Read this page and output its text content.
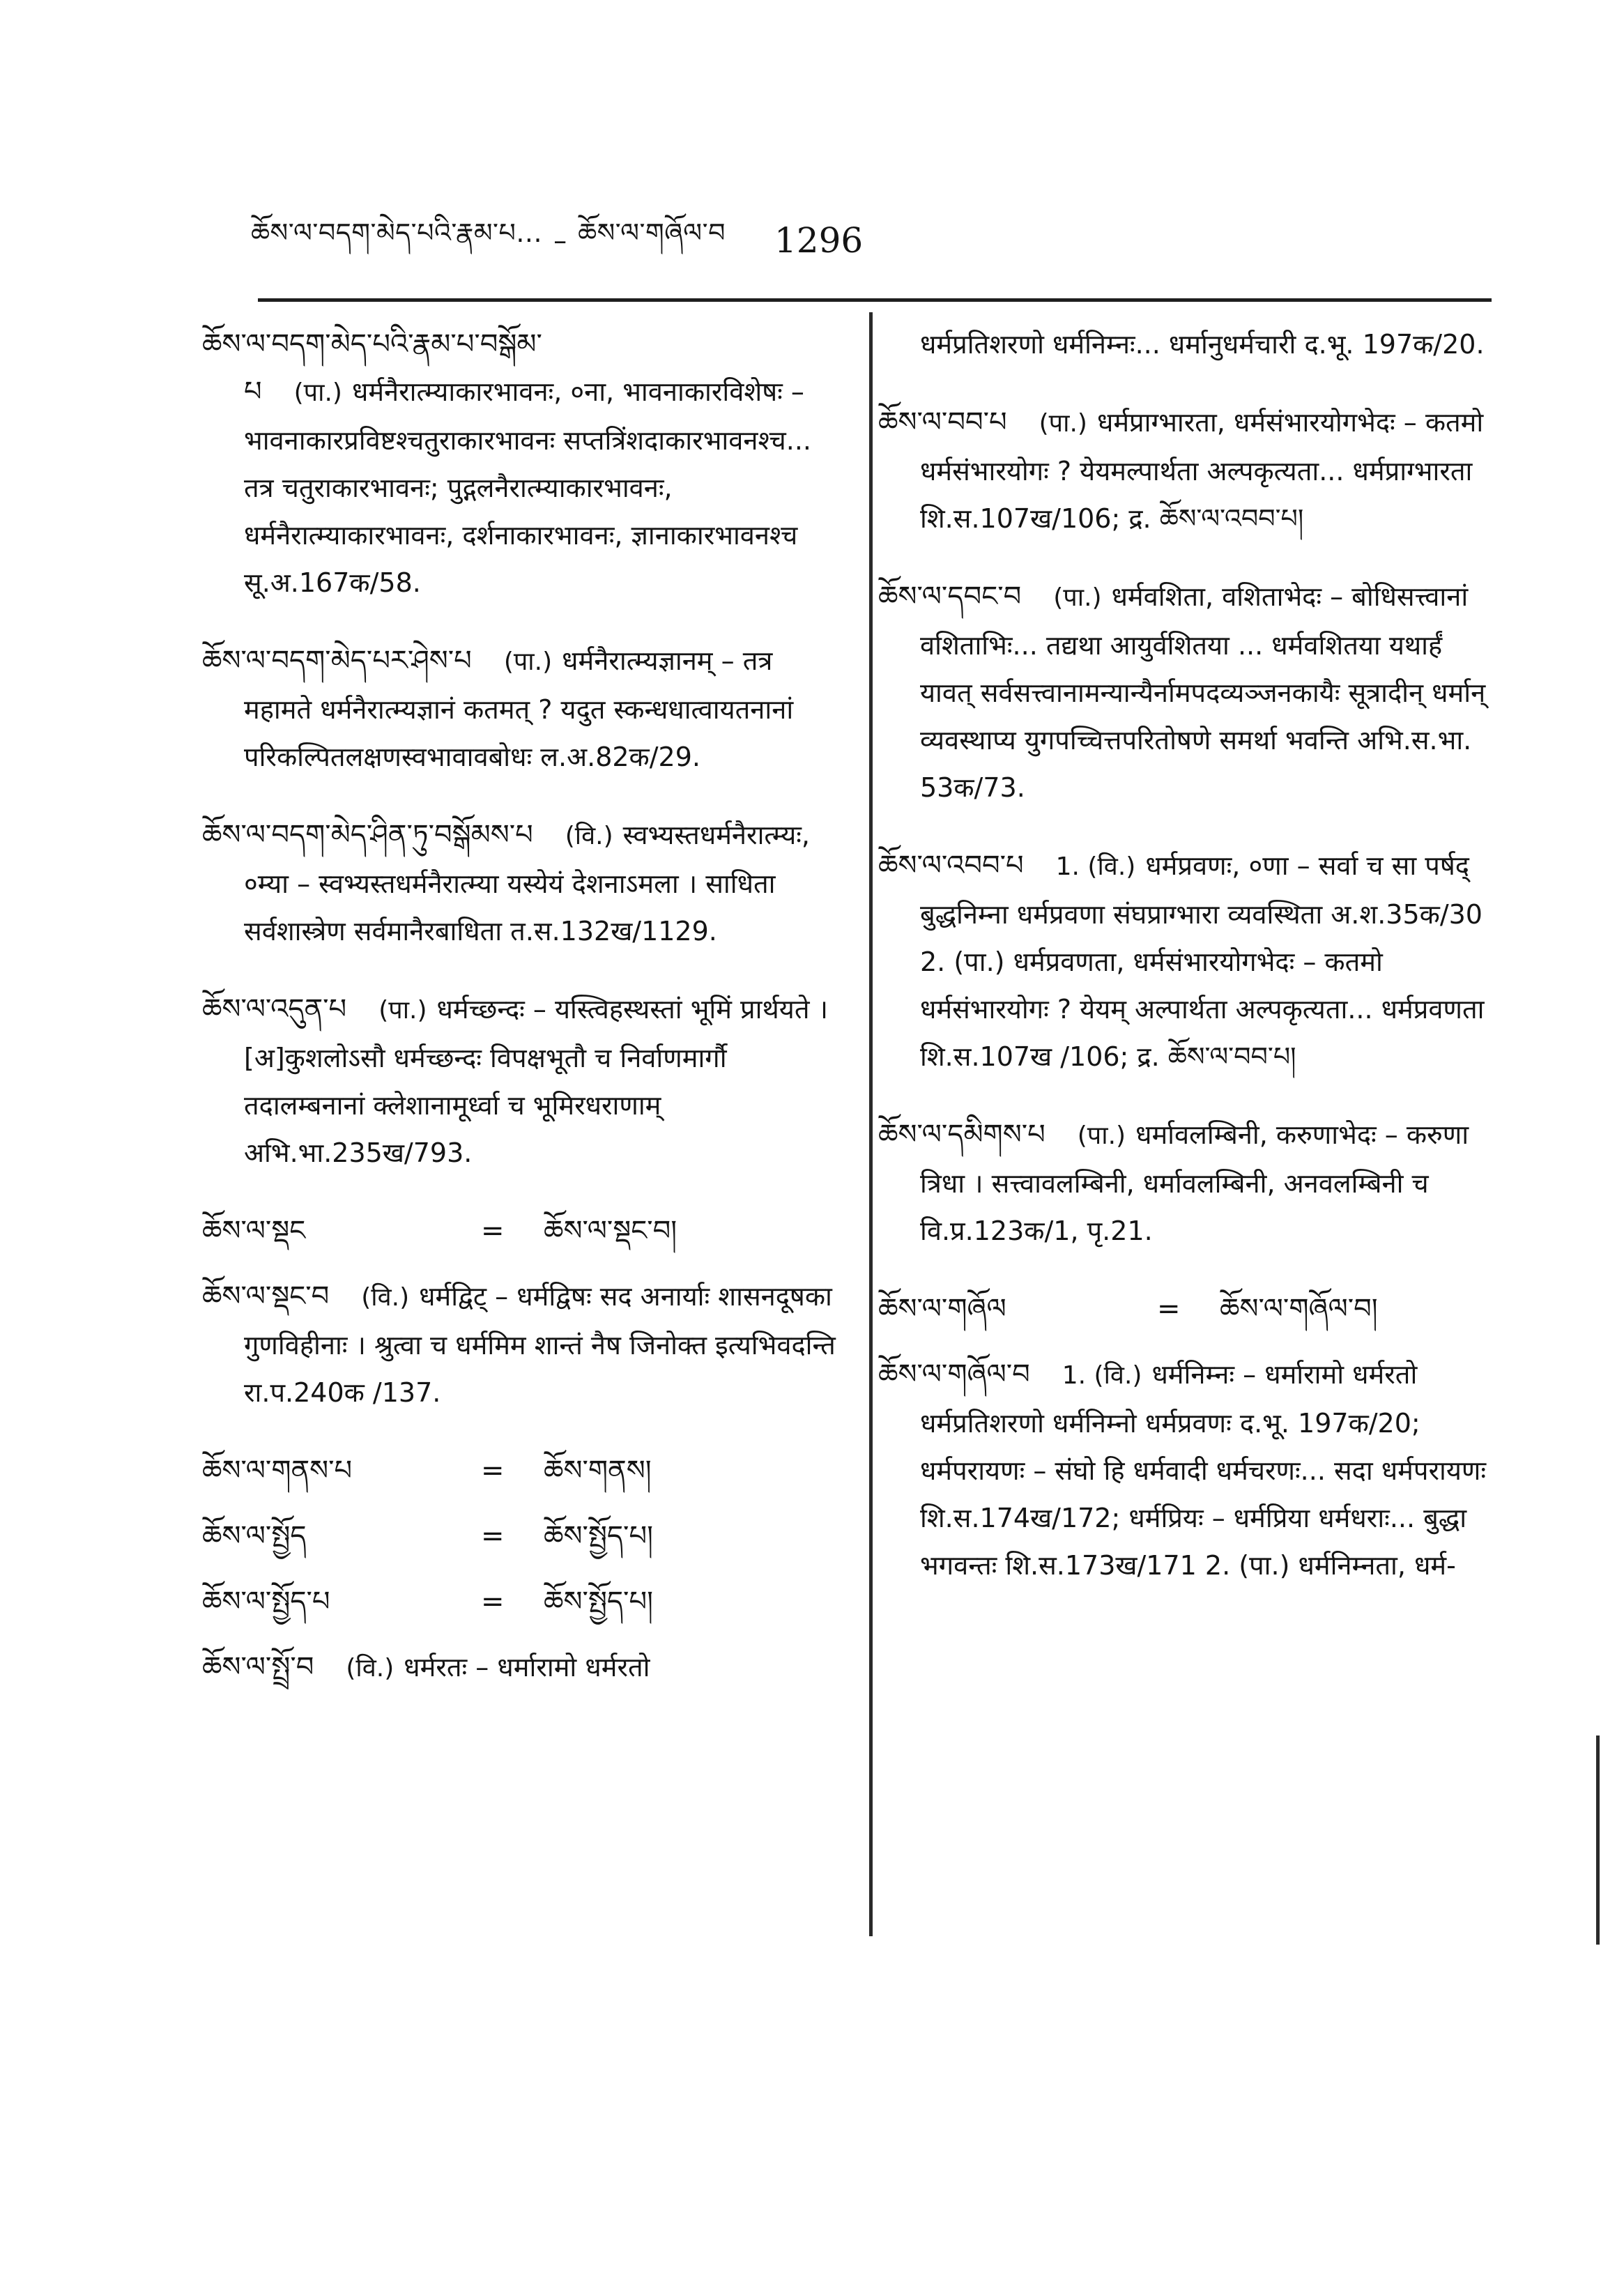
ཆོས་ལ་བདག་མེད་པའི་རྣམ་པ... – ཆོས་ལ་གཞོལ་བ 1296
ཆོས་ལ་བདག་མེད་པའི་རྣམ་པ་བསྒོམ་པ (पा.) धर्मनैरात्म्याकारभावनः, ०ना, भावनाकारविशेषः – भावनाकारप्रविष्टश्चतुराकारभावनः सप्तत्रिंशदाकारभावनश्च... तत्र चतुराकारभावनः; पुद्गलनैरात्म्याकारभावनः, धर्मनैरात्म्याकारभावनः, दर्शनाकारभावनः, ज्ञानाकारभावनश्च सू.अ.167क/58.
ཆོས་ལ་བདག་མེད་པར་ཤེས་པ (पा.) धर्मनैरात्म्यज्ञानम् – तत्र महामते धर्मनैरात्म्यज्ञानं कतमत् ? यदुत स्कन्धधात्वायतनानां परिकल्पितलक्षणस्वभावावबोधः ल.अ.82क/29.
ཆོས་ལ་བདག་མེད་ཤིན་ཏུ་བསྒོམས་པ (वि.) स्वभ्यस्तधर्मनैरात्म्यः, ०म्या – स्वभ्यस्तधर्मनैरात्म्या यस्येयं देशनाऽमला । साधिता सर्वशास्त्रेण सर्वमानैरबाधिता त.स.132ख/1129.
ཆོས་ལ་འདུན་པ (पा.) धर्मच्छन्दः – यस्त्विहस्थस्तां भूमिं प्रार्थयते । [अ]कुशलोऽसौ धर्मच्छन्दः विपक्षभूतौ च निर्वाणमार्गौ तदालम्बनानां क्लेशानामूर्ध्वा च भूमिरधराणाम् अभि.भा.235ख/793.
ཆོས་ལ་སྡང	=	ཆོས་ལ་སྡང་བ།
ཆོས་ལ་སྡང་བ (वि.) धर्मद्विट् – धर्मद्विषः सद अनार्याः शासनदूषका गुणविहीनाः । श्रुत्वा च धर्ममिम शान्तं नैष जिनोक्त इत्यभिवदन्ति रा.प.240क /137.
ཆོས་ལ་གནས་པ	=	ཆོས་གནས།
ཆོས་ལ་སྤྱོད	=	ཆོས་སྤྱོད་པ།
ཆོས་ལ་སྤྱོད་པ	=	ཆོས་སྤྱོད་པ།
ཆོས་ལ་སྤྲོ་བ (वि.) धर्मरतः – धर्मारामो धर्मरतो
धर्मप्रतिशरणो धर्मनिम्नः... धर्मानुधर्मचारी द.भू. 197क/20.
ཆོས་ལ་བབ་པ (पा.) धर्मप्राग्भारता, धर्मसंभारयोगभेदः – कतमो धर्मसंभारयोगः ? येयमल्पार्थता अल्पकृत्यता... धर्मप्राग्भारता शि.स.107ख/106; द्र. ཆོས་ལ་འབབ་པ།
ཆོས་ལ་དབང་བ (पा.) धर्मवशिता, वशिताभेदः – बोधिसत्त्वानां वशिताभिः... तद्यथा आयुर्वशितया ... धर्मवशितया यथार्हं यावत् सर्वसत्त्वानामन्यान्यैर्नामपदव्यञ्जनकायैः सूत्रादीन् धर्मान् व्यवस्थाप्य युगपच्चित्तपरितोषणे समर्था भवन्ति अभि.स.भा. 53क/73.
ཆོས་ལ་འབབ་པ 1. (वि.) धर्मप्रवणः, ०णा – सर्वा च सा पर्षद् बुद्धनिम्ना धर्मप्रवणा संघप्राग्भारा व्यवस्थिता अ.श.35क/30 2. (पा.) धर्मप्रवणता, धर्मसंभारयोगभेदः – कतमो धर्मसंभारयोगः ? येयम् अल्पार्थता अल्पकृत्यता... धर्मप्रवणता शि.स.107ख /106; द्र. ཆོས་ལ་བབ་པ།
ཆོས་ལ་དམིགས་པ (पा.) धर्मावलम्बिनी, करुणाभेदः – करुणा त्रिधा । सत्त्वावलम्बिनी, धर्मावलम्बिनी, अनवलम्बिनी च वि.प्र.123क/1, पृ.21.
ཆོས་ལ་གཞོལ	=	ཆོས་ལ་གཞོལ་བ།
ཆོས་ལ་གཞོལ་བ 1. (वि.) धर्मनिम्नः – धर्मारामो धर्मरतो धर्मप्रतिशरणो धर्मनिम्नो धर्मप्रवणः द.भू. 197क/20; धर्मपरायणः – संघो हि धर्मवादी धर्मचरणः... सदा धर्मपरायणः शि.स.174ख/172; धर्मप्रियः – धर्मप्रिया धर्मधराः... बुद्धा भगवन्तः शि.स.173ख/171 2. (पा.) धर्मनिम्नता, धर्म-
